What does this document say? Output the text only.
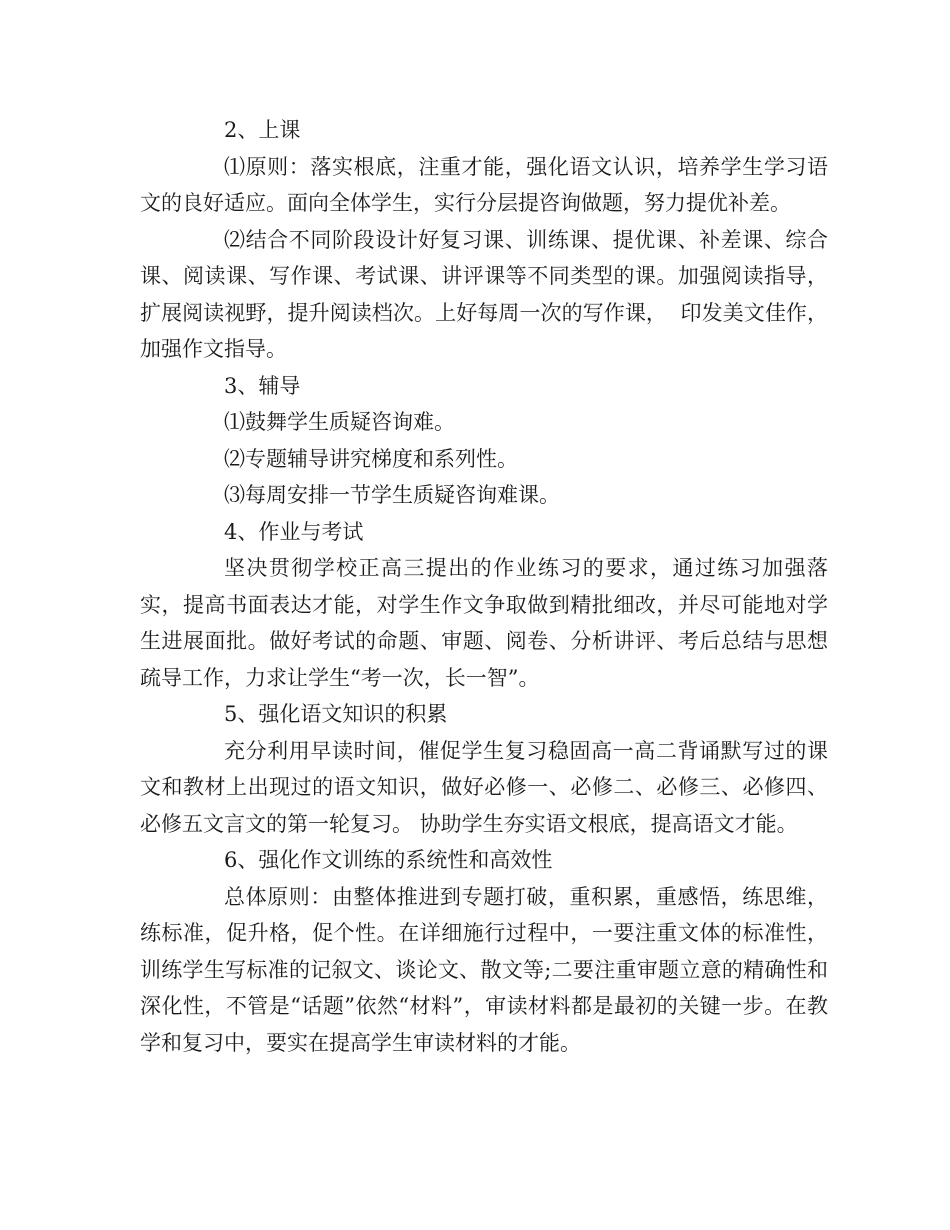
2、上课

⑴原则：落实根底，注重才能，强化语文认识，培养学生学习语文的良好适应。面向全体学生，实行分层提咨询做题，努力提优补差。

⑵结合不同阶段设计好复习课、训练课、提优课、补差课、综合课、阅读课、写作课、考试课、讲评课等不同类型的课。加强阅读指导，扩展阅读视野，提升阅读档次。上好每周一次的写作课，  印发美文佳作，加强作文指导。

3、辅导

⑴鼓舞学生质疑咨询难。

⑵专题辅导讲究梯度和系列性。

⑶每周安排一节学生质疑咨询难课。

4、作业与考试

坚决贯彻学校正高三提出的作业练习的要求，通过练习加强落实，提高书面表达才能，对学生作文争取做到精批细改，并尽可能地对学生进展面批。做好考试的命题、审题、阅卷、分析讲评、考后总结与思想疏导工作，力求让学生“考一次，长一智”。

5、强化语文知识的积累

充分利用早读时间，催促学生复习稳固高一高二背诵默写过的课文和教材上出现过的语文知识，做好必修一、必修二、必修三、必修四、必修五文言文的第一轮复习。 协助学生夯实语文根底，提高语文才能。

6、强化作文训练的系统性和高效性

总体原则：由整体推进到专题打破，重积累，重感悟，练思维，练标准，促升格，促个性。在详细施行过程中，一要注重文体的标准性，训练学生写标准的记叙文、谈论文、散文等;二要注重审题立意的精确性和深化性，不管是“话题”依然“材料”，审读材料都是最初的关键一步。在教学和复习中，要实在提高学生审读材料的才能。
